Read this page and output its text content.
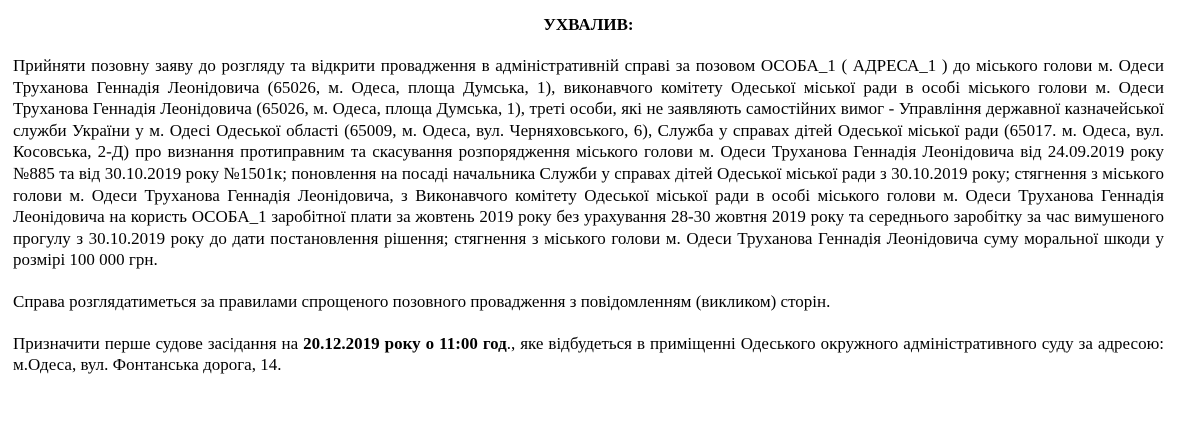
УХВАЛИВ:

Прийняти позовну заяву до розгляду та відкрити провадження в адміністративній справі за позовом ОСОБА_1 ( АДРЕСА_1 ) до міського голови м. Одеси Труханова Геннадія Леонідовича (65026, м. Одеса, площа Думська, 1), виконавчого комітету Одеської міської ради в особі міського голови м. Одеси Труханова Геннадія Леонідовича (65026, м. Одеса, площа Думська, 1), треті особи, які не заявляють самостійних вимог - Управління державної казначейської служби України у м. Одесі Одеської області (65009, м. Одеса, вул. Черняховського, 6), Служба у справах дітей Одеської міської ради (65017. м. Одеса, вул. Косовська, 2-Д) про визнання протиправним та скасування розпорядження міського голови м. Одеси Труханова Геннадія Леонідовича від 24.09.2019 року №885 та від 30.10.2019 року №1501к; поновлення на посаді начальника Служби у справах дітей Одеської міської ради з 30.10.2019 року; стягнення з міського голови м. Одеси Труханова Геннадія Леонідовича, з Виконавчого комітету Одеської міської ради в особі міського голови м. Одеси Труханова Геннадія Леонідовича на користь ОСОБА_1 заробітної плати за жовтень 2019 року без урахування 28-30 жовтня 2019 року та середнього заробітку за час вимушеного прогулу з 30.10.2019 року до дати постановлення рішення; стягнення з міського голови м. Одеси Труханова Геннадія Леонідовича суму моральної шкоди у розмірі 100 000 грн.

Справа розглядатиметься за правилами спрощеного позовного провадження з повідомленням (викликом) сторін.

Призначити перше судове засідання на 20.12.2019 року о 11:00 год., яке відбудеться в приміщенні Одеського окружного адміністративного суду за адресою: м.Одеса, вул. Фонтанська дорога, 14.
